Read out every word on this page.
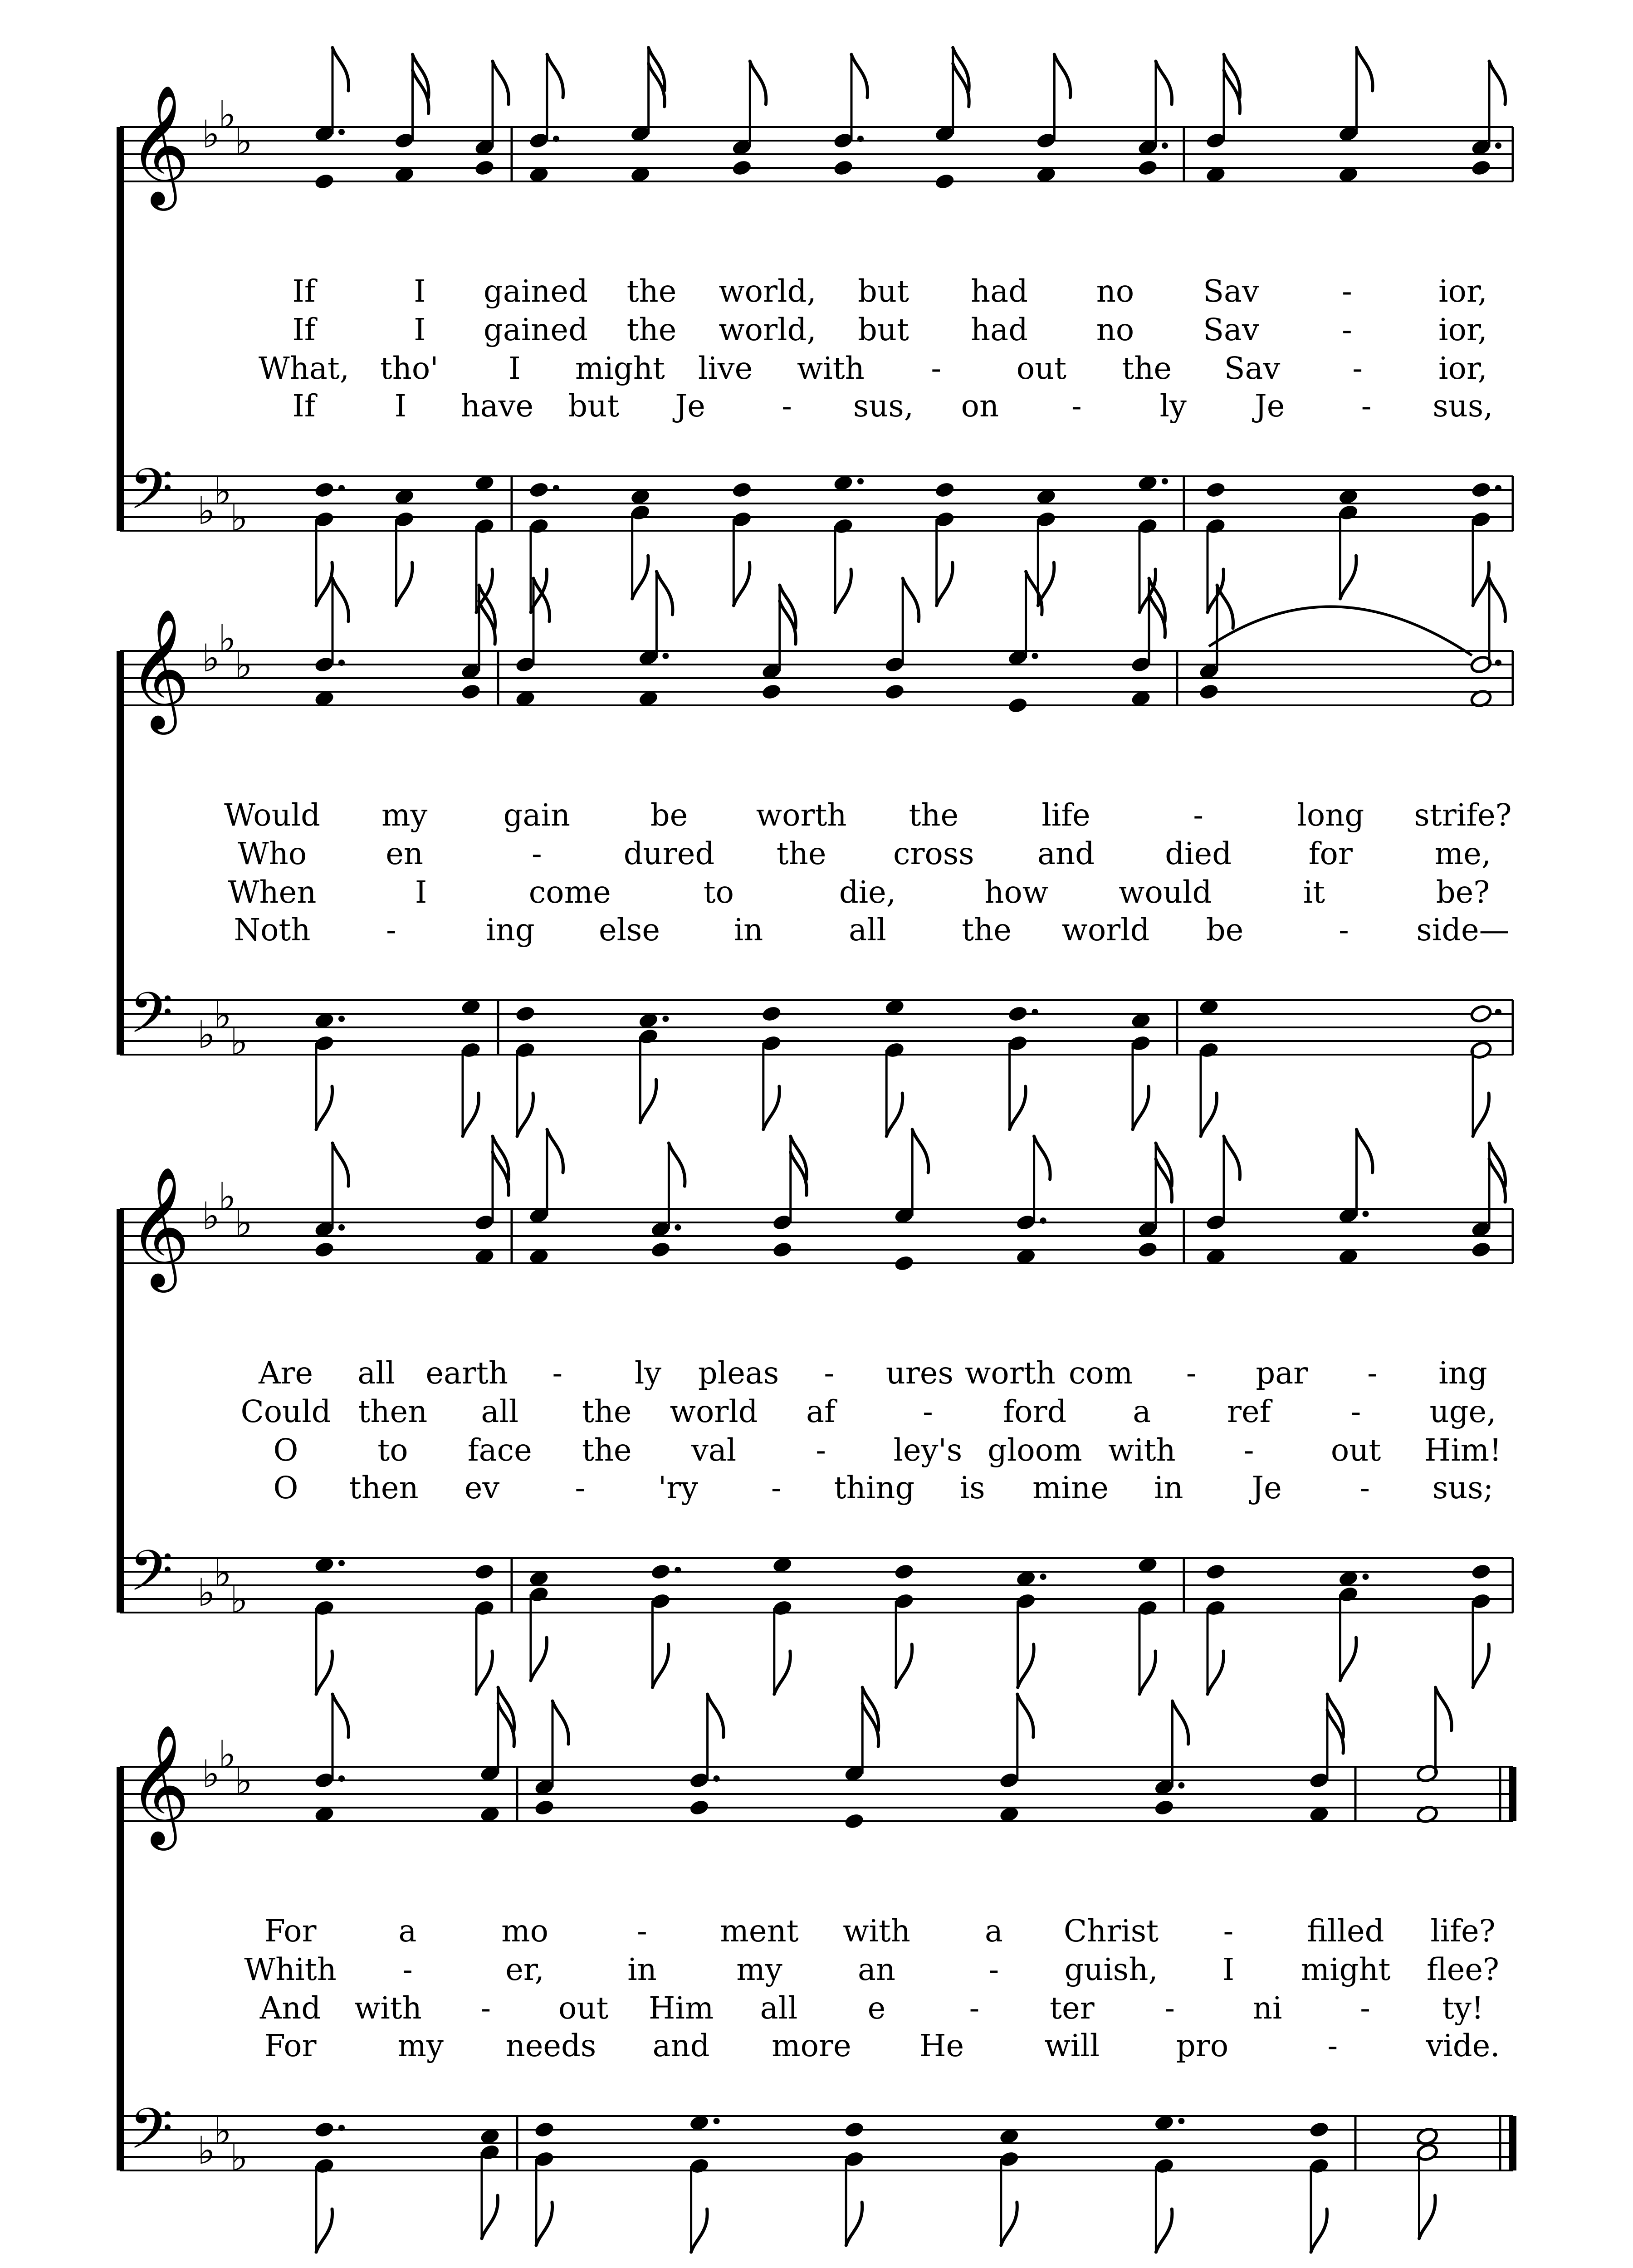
𝄞
𝄢
♭
♭
♭
♭
♭
♭
If	I gained the world, but had no Sav	-	ior,
If	I gained the world, but had no Sav	-	ior,
What, tho' I might live with - out the Sav - ior,
If	I have but Je	- sus, on -	ly Je	- sus,
𝄞
𝄢
♭
♭
♭
♭
♭
♭
Would my gain	be worth the	life	-	long strife?
Who	en	-	dured the cross and died	for	me,
When	I	come	to	die,	how would	it	be?
Noth -	ing else in	all the world be	- side—
𝄞
𝄢
♭
♭
♭
♭
♭
♭
Are all earth - ly pleas - ures worth com - par - ing
Could then all the world af	- ford a	ref	- uge,
O	to face the val	- ley's gloom with -	out Him!
O then ev - 'ry - thing is mine in Je	- sus;
𝄞
𝄢
♭
♭
♭
♭
♭
♭
For	a	mo	- ment with a Christ - filled life?
Whith -	er,	in	my an	- guish, I might flee?
And with - out Him all e	- ter -	ni	- ty!
For	my needs and more He	will	pro	-	vide.
